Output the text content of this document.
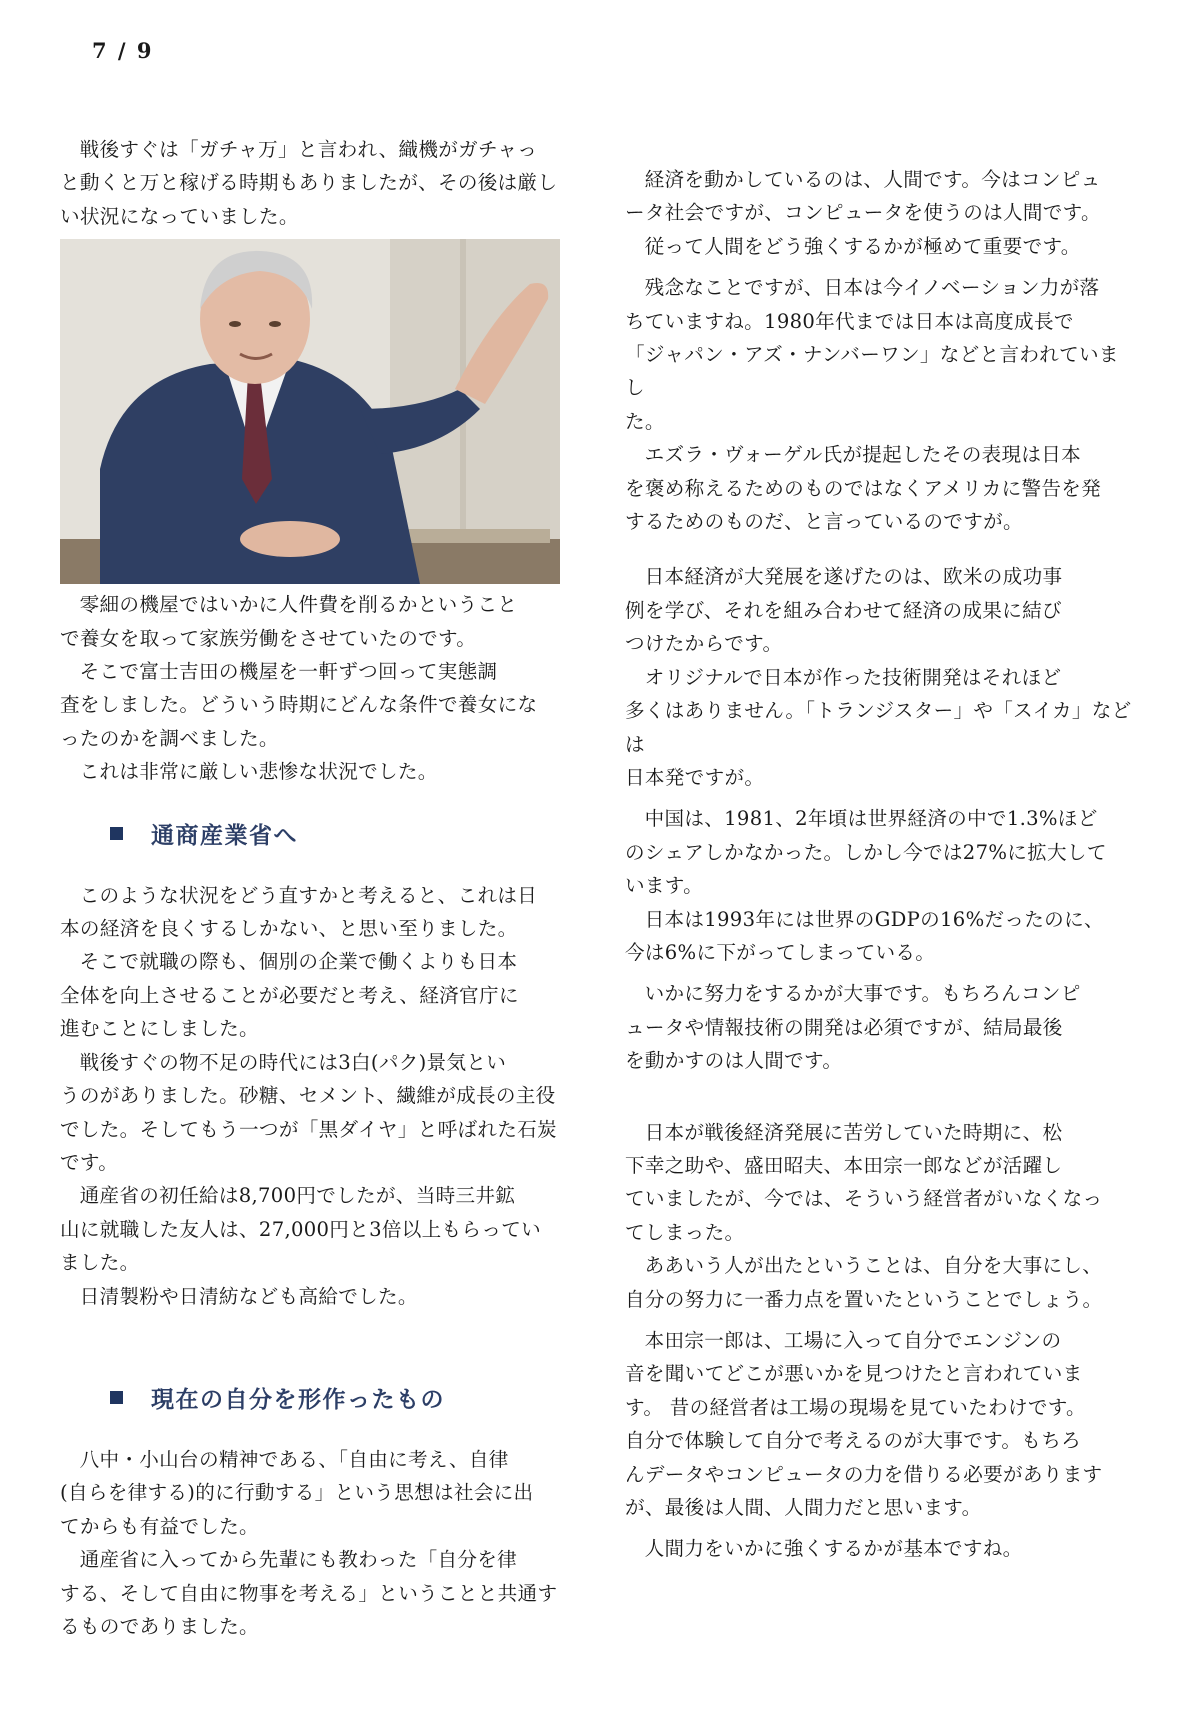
7 / 9

戦後すぐは「ガチャ万」と言われ、織機がガチャっ
と動くと万と稼げる時期もありましたが、その後は厳し
い状況になっていました。

零細の機屋ではいかに人件費を削るかということ
で養女を取って家族労働をさせていたのです。

そこで富士吉田の機屋を一軒ずつ回って実態調
査をしました。どういう時期にどんな条件で養女にな
ったのかを調べました。

これは非常に厳しい悲惨な状況でした。

通商産業省へ

このような状況をどう直すかと考えると、これは日
本の経済を良くするしかない、と思い至りました。

そこで就職の際も、個別の企業で働くよりも日本
全体を向上させることが必要だと考え、経済官庁に
進むことにしました。

戦後すぐの物不足の時代には3白(パク)景気とい
うのがありました。砂糖、セメント、繊維が成長の主役
でした。そしてもう一つが「黒ダイヤ」と呼ばれた石炭
です。

通産省の初任給は8,700円でしたが、当時三井鉱
山に就職した友人は、27,000円と3倍以上もらってい
ました。

日清製粉や日清紡なども高給でした。

現在の自分を形作ったもの

八中・小山台の精神である、「自由に考え、自律
(自らを律する)的に行動する」という思想は社会に出
てからも有益でした。

通産省に入ってから先輩にも教わった「自分を律
する、そして自由に物事を考える」ということと共通す
るものでありました。

経済を動かしているのは、人間です。今はコンピュ
ータ社会ですが、コンピュータを使うのは人間です。

従って人間をどう強くするかが極めて重要です。

残念なことですが、日本は今イノベーション力が落
ちていますね。1980年代までは日本は高度成長で
「ジャパン・アズ・ナンバーワン」などと言われていまし
た。

エズラ・ヴォーゲル氏が提起したその表現は日本
を褒め称えるためのものではなくアメリカに警告を発
するためのものだ、と言っているのですが。

日本経済が大発展を遂げたのは、欧米の成功事
例を学び、それを組み合わせて経済の成果に結び
つけたからです。

オリジナルで日本が作った技術開発はそれほど
多くはありません。「トランジスター」や「スイカ」などは
日本発ですが。

中国は、1981、2年頃は世界経済の中で1.3%ほど
のシェアしかなかった。しかし今では27%に拡大して
います。

日本は1993年には世界のGDPの16%だったのに、
今は6%に下がってしまっている。

いかに努力をするかが大事です。もちろんコンピ
ュータや情報技術の開発は必須ですが、結局最後
を動かすのは人間です。

日本が戦後経済発展に苦労していた時期に、松
下幸之助や、盛田昭夫、本田宗一郎などが活躍し
ていましたが、今では、そういう経営者がいなくなっ
てしまった。

ああいう人が出たということは、自分を大事にし、
自分の努力に一番力点を置いたということでしょう。

本田宗一郎は、工場に入って自分でエンジンの
音を聞いてどこが悪いかを見つけたと言われていま
す。 昔の経営者は工場の現場を見ていたわけです。
自分で体験して自分で考えるのが大事です。もちろ
んデータやコンピュータの力を借りる必要があります
が、最後は人間、人間力だと思います。

人間力をいかに強くするかが基本ですね。
